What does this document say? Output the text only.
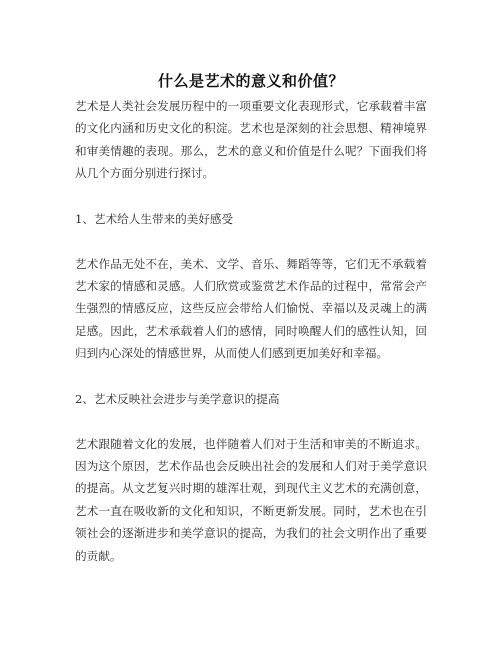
什么是艺术的意义和价值？

艺术是人类社会发展历程中的一项重要文化表现形式，它承载着丰富的文化内涵和历史文化的积淀。艺术也是深刻的社会思想、精神境界和审美情趣的表现。那么，艺术的意义和价值是什么呢？下面我们将从几个方面分别进行探讨。

1、艺术给人生带来的美好感受

艺术作品无处不在，美术、文学、音乐、舞蹈等等，它们无不承载着艺术家的情感和灵感。人们欣赏或鉴赏艺术作品的过程中，常常会产生强烈的情感反应，这些反应会带给人们愉悦、幸福以及灵魂上的满足感。因此，艺术承载着人们的感情，同时唤醒人们的感性认知，回归到内心深处的情感世界，从而使人们感到更加美好和幸福。

2、艺术反映社会进步与美学意识的提高

艺术跟随着文化的发展，也伴随着人们对于生活和审美的不断追求。因为这个原因，艺术作品也会反映出社会的发展和人们对于美学意识的提高。从文艺复兴时期的雄浑壮观，到现代主义艺术的充满创意，艺术一直在吸收新的文化和知识，不断更新发展。同时，艺术也在引领社会的逐渐进步和美学意识的提高，为我们的社会文明作出了重要的贡献。
